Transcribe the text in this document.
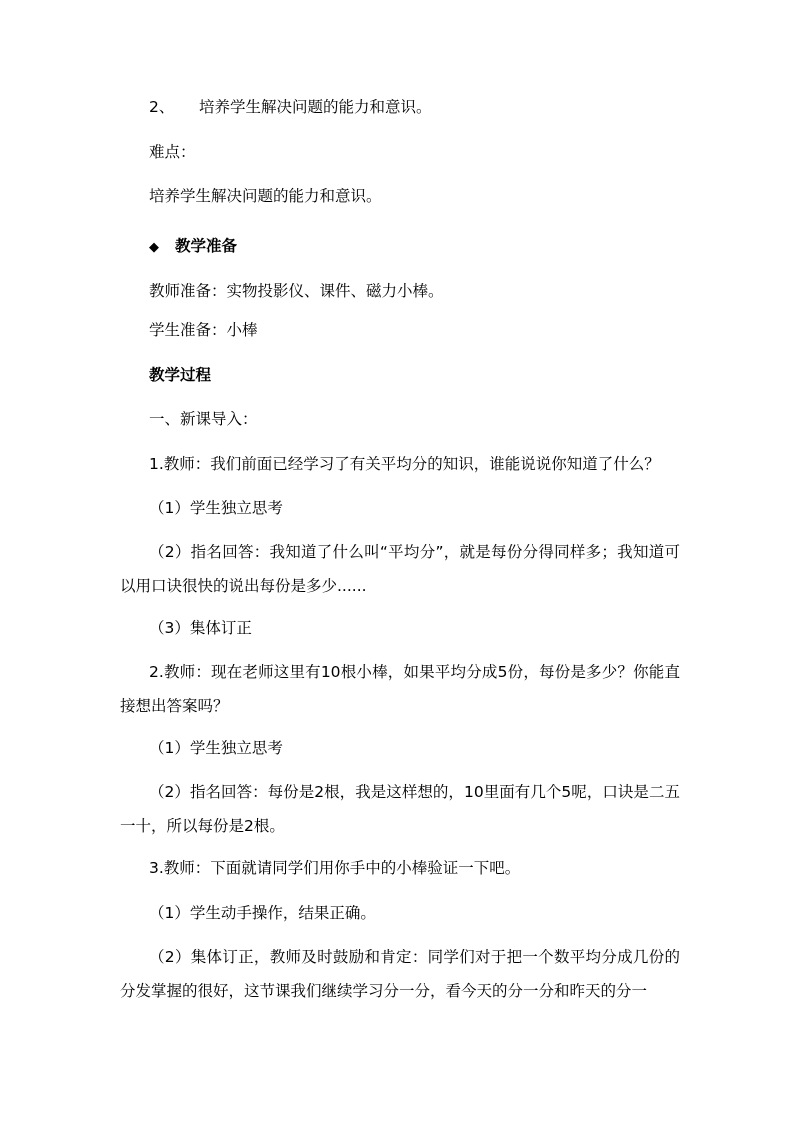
2、 培养学生解决问题的能力和意识。
难点：
培养学生解决问题的能力和意识。
◆ 教学准备
教师准备：实物投影仪、课件、磁力小棒。
学生准备：小棒
教学过程
一、新课导入：
1.教师：我们前面已经学习了有关平均分的知识，谁能说说你知道了什么？
（1）学生独立思考
（2）指名回答：我知道了什么叫“平均分”，就是每份分得同样多；我知道可以用口诀很快的说出每份是多少......
（3）集体订正
2.教师：现在老师这里有10根小棒，如果平均分成5份，每份是多少？你能直接想出答案吗？
（1）学生独立思考
（2）指名回答：每份是2根，我是这样想的，10里面有几个5呢，口诀是二五一十，所以每份是2根。
3.教师：下面就请同学们用你手中的小棒验证一下吧。
（1）学生动手操作，结果正确。
（2）集体订正，教师及时鼓励和肯定：同学们对于把一个数平均分成几份的分发掌握的很好，这节课我们继续学习分一分，看今天的分一分和昨天的分一
